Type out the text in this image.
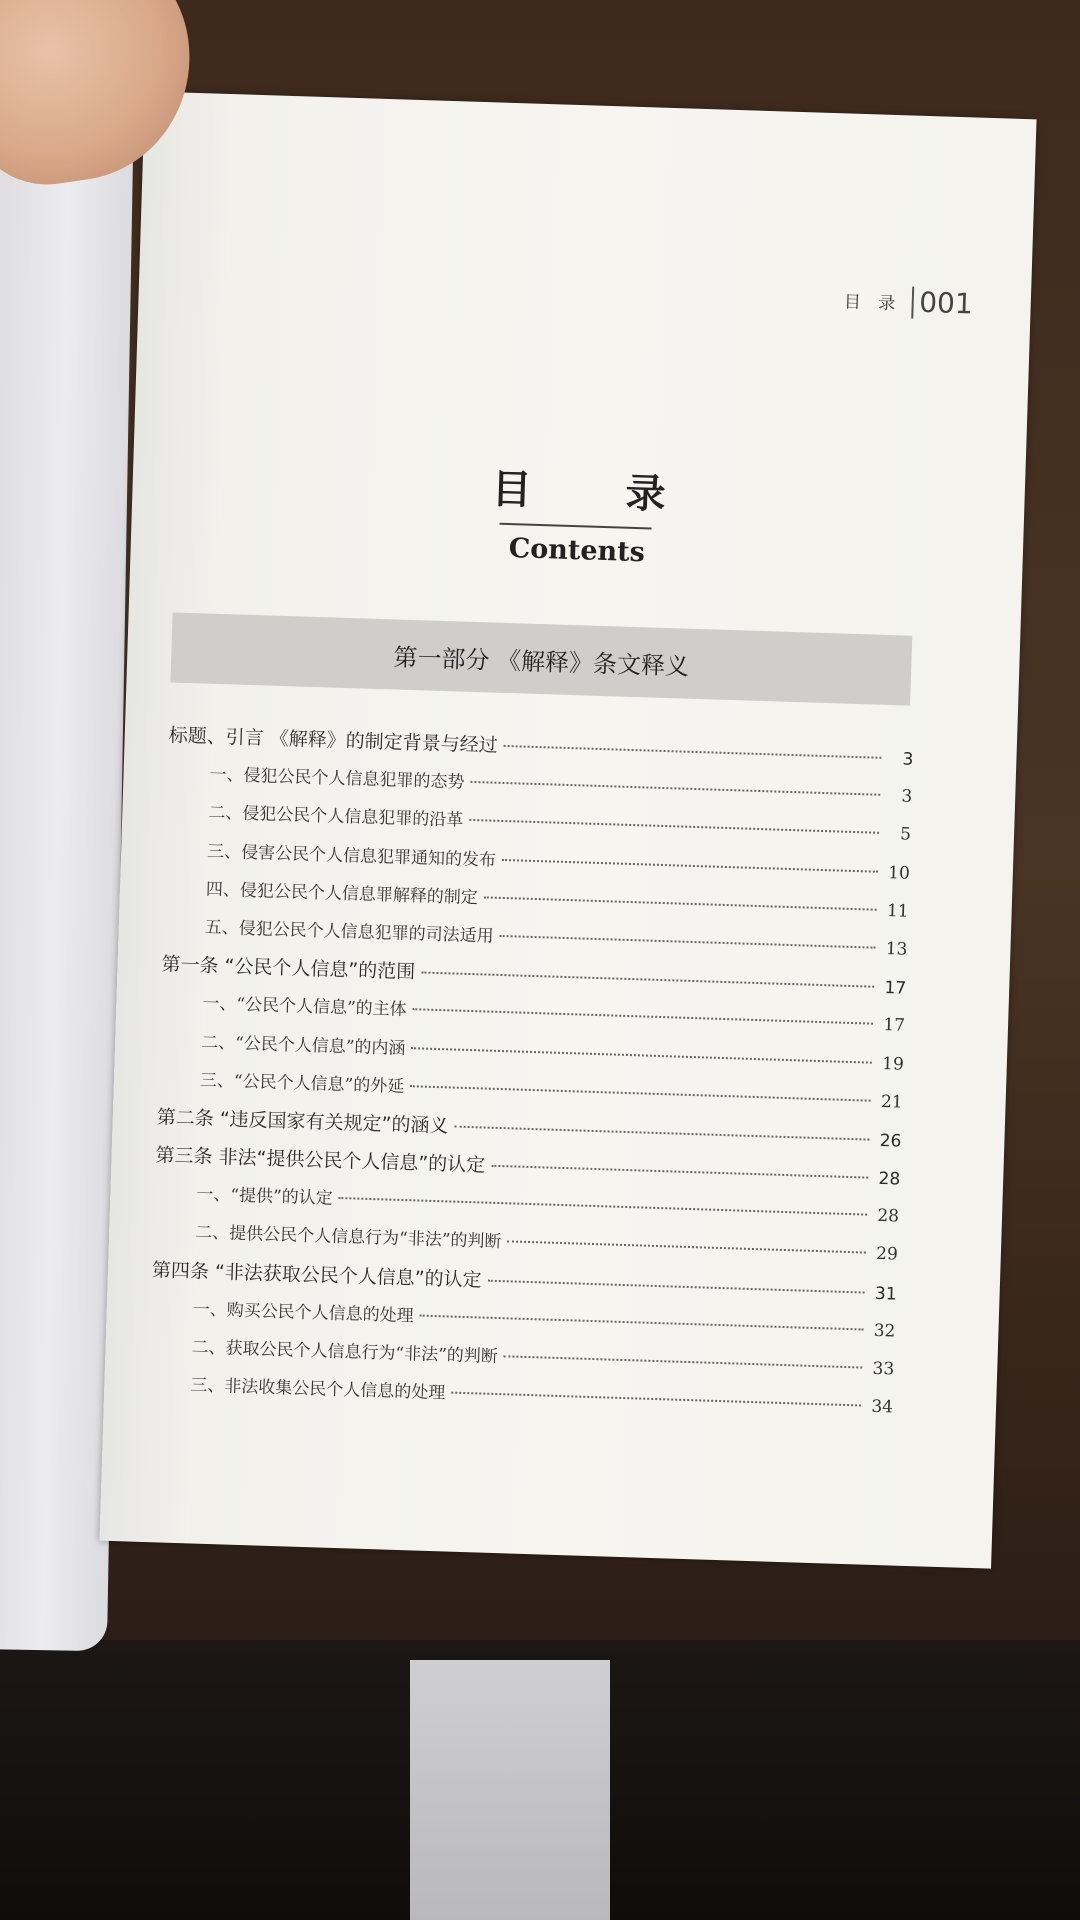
目 录 001
目 录
Contents
第一部分 《解释》条文释义
标题、引言 《解释》的制定背景与经过
3
一、侵犯公民个人信息犯罪的态势
3
二、侵犯公民个人信息犯罪的沿革
5
三、侵害公民个人信息犯罪通知的发布
10
四、侵犯公民个人信息罪解释的制定
11
五、侵犯公民个人信息犯罪的司法适用
13
第一条 “公民个人信息”的范围
17
一、“公民个人信息”的主体
17
二、“公民个人信息”的内涵
19
三、“公民个人信息”的外延
21
第二条 “违反国家有关规定”的涵义
26
第三条 非法“提供公民个人信息”的认定
28
一、“提供”的认定
28
二、提供公民个人信息行为“非法”的判断
29
第四条 “非法获取公民个人信息”的认定
31
一、购买公民个人信息的处理
32
二、获取公民个人信息行为“非法”的判断
33
三、非法收集公民个人信息的处理
34
